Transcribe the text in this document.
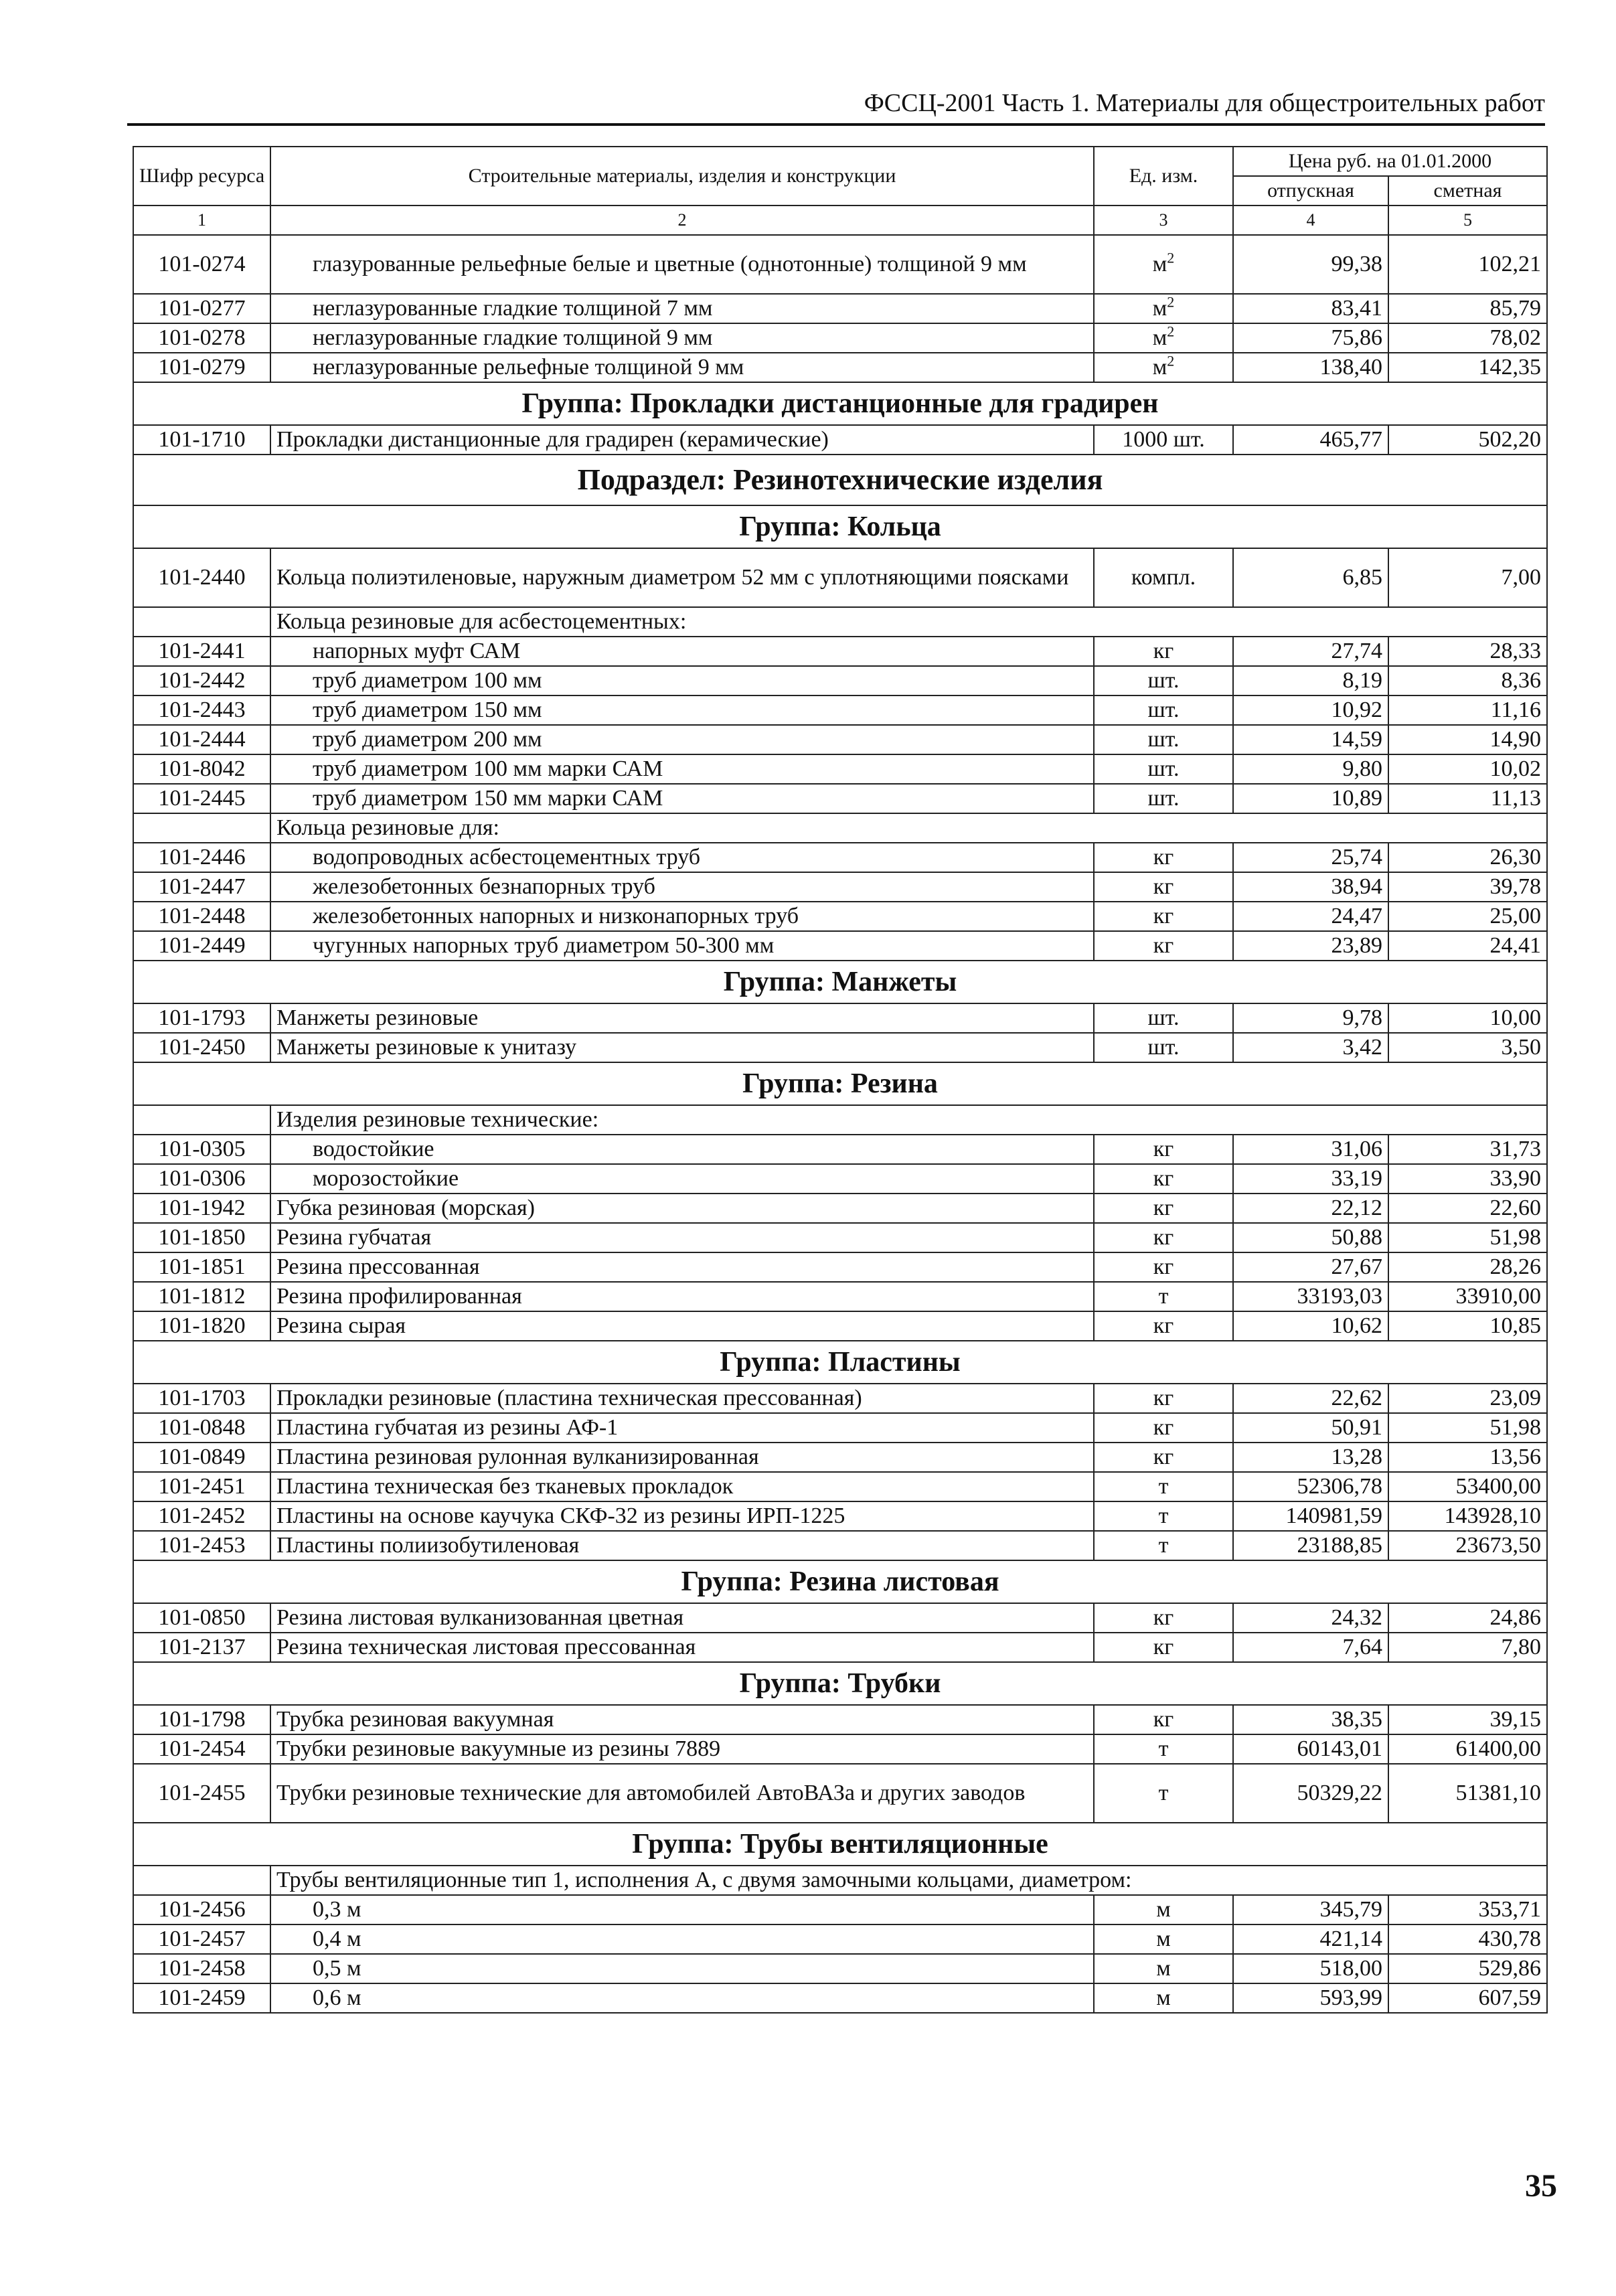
ФССЦ-2001 Часть 1. Материалы для общестроительных работ
Шифр ресурса	Строительные материалы, изделия и конструкции	Ед. изм.	Цена руб. на 01.01.2000	
			отпускная	сметная
1	2	3	4	5
101-0274	глазурованные рельефные белые и цветные (однотонные) толщиной 9 мм	$м^2$	99,38	102,21
101-0277	неглазурованные гладкие толщиной 7 мм	$м^2$	83,41	85,79
101-0278	неглазурованные гладкие толщиной 9 мм	$м^2$	75,86	78,02
101-0279	неглазурованные рельефные толщиной 9 мм	$м^2$	138,40	142,35
Группа: Прокладки дистанционные для градирен				
101-1710	Прокладки дистанционные для градирен (керамические)	1000 шт.	465,77	502,20
Подраздел: Резинотехнические изделия				
Группа: Кольца				
101-2440	Кольца полиэтиленовые, наружным диаметром 52 мм с уплотняющими поясками	компл.	6,85	7,00
	Кольца резиновые для асбестоцементных:			
101-2441	напорных муфт САМ	кг	27,74	28,33
101-2442	труб диаметром 100 мм	шт.	8,19	8,36
101-2443	труб диаметром 150 мм	шт.	10,92	11,16
101-2444	труб диаметром 200 мм	шт.	14,59	14,90
101-8042	труб диаметром 100 мм марки САМ	шт.	9,80	10,02
101-2445	труб диаметром 150 мм марки САМ	шт.	10,89	11,13
	Кольца резиновые для:			
101-2446	водопроводных асбестоцементных труб	кг	25,74	26,30
101-2447	железобетонных безнапорных труб	кг	38,94	39,78
101-2448	железобетонных напорных и низконапорных труб	кг	24,47	25,00
101-2449	чугунных напорных труб диаметром 50-300 мм	кг	23,89	24,41
Группа: Манжеты				
101-1793	Манжеты резиновые	шт.	9,78	10,00
101-2450	Манжеты резиновые к унитазу	шт.	3,42	3,50
Группа: Резина				
	Изделия резиновые технические:			
101-0305	водостойкие	кг	31,06	31,73
101-0306	морозостойкие	кг	33,19	33,90
101-1942	Губка резиновая (морская)	кг	22,12	22,60
101-1850	Резина губчатая	кг	50,88	51,98
101-1851	Резина прессованная	кг	27,67	28,26
101-1812	Резина профилированная	т	33193,03	33910,00
101-1820	Резина сырая	кг	10,62	10,85
Группа: Пластины				
101-1703	Прокладки резиновые (пластина техническая прессованная)	кг	22,62	23,09
101-0848	Пластина губчатая из резины АФ-1	кг	50,91	51,98
101-0849	Пластина резиновая рулонная вулканизированная	кг	13,28	13,56
101-2451	Пластина техническая без тканевых прокладок	т	52306,78	53400,00
101-2452	Пластины на основе каучука СКФ-32 из резины ИРП-1225	т	140981,59	143928,10
101-2453	Пластины полиизобутиленовая	т	23188,85	23673,50
Группа: Резина листовая				
101-0850	Резина листовая вулканизованная цветная	кг	24,32	24,86
101-2137	Резина техническая листовая прессованная	кг	7,64	7,80
Группа: Трубки				
101-1798	Трубка резиновая вакуумная	кг	38,35	39,15
101-2454	Трубки резиновые вакуумные из резины 7889	т	60143,01	61400,00
101-2455	Трубки резиновые технические для автомобилей АвтоВАЗа и других заводов	т	50329,22	51381,10
Группа: Трубы вентиляционные				
	Трубы вентиляционные тип 1, исполнения А, с двумя замочными кольцами, диаметром:			
101-2456	0,3 м	м	345,79	353,71
101-2457	0,4 м	м	421,14	430,78
101-2458	0,5 м	м	518,00	529,86
101-2459	0,6 м	м	593,99	607,59
35
